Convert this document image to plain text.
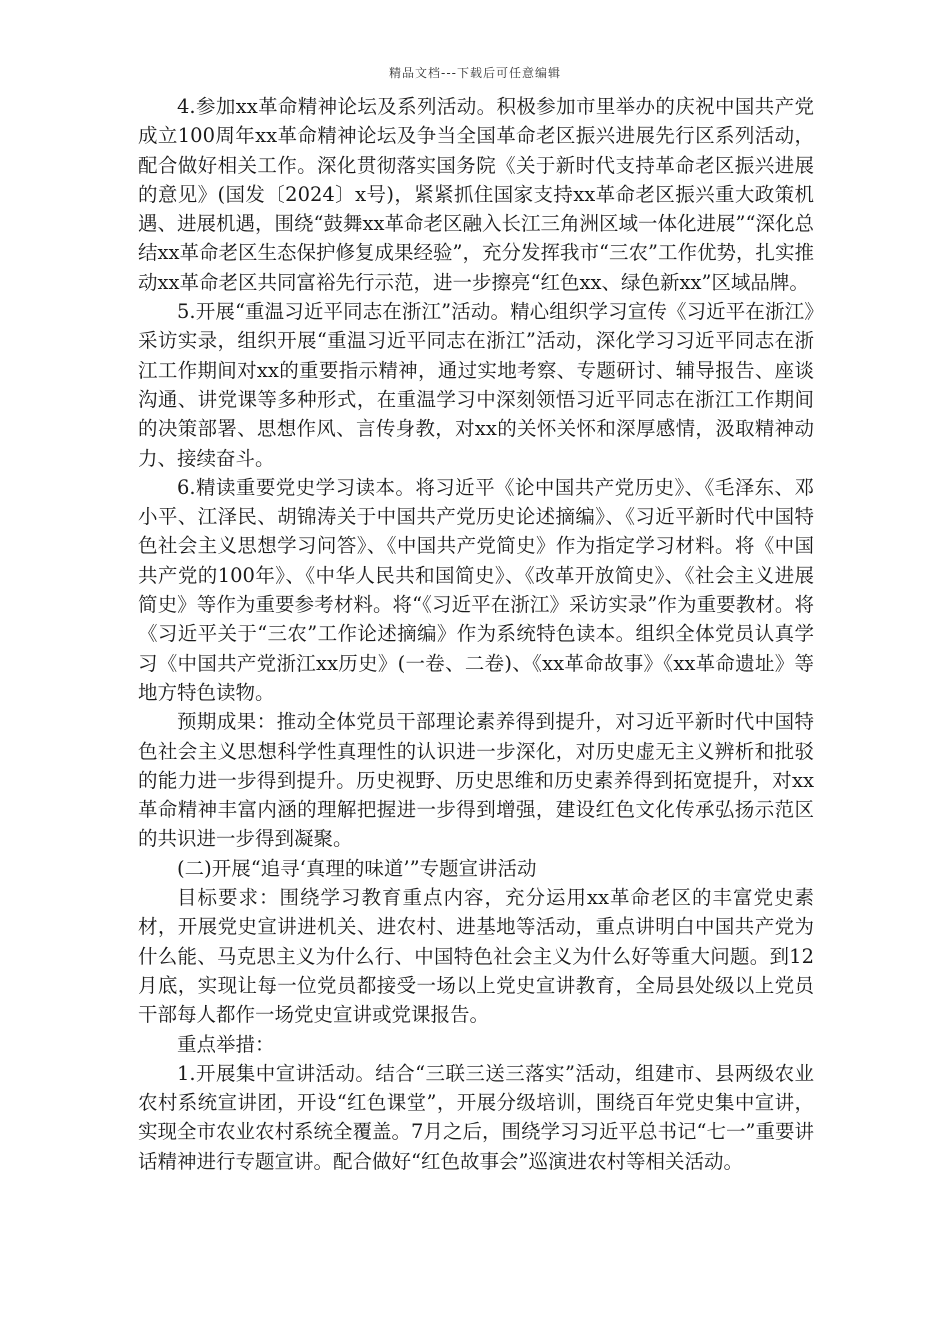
精品文档---下载后可任意编辑

4.参加xx革命精神论坛及系列活动。积极参加市里举办的庆祝中国共产党成立100周年xx革命精神论坛及争当全国革命老区振兴进展先行区系列活动，配合做好相关工作。深化贯彻落实国务院《关于新时代支持革命老区振兴进展的意见》(国发〔2024〕x号)，紧紧抓住国家支持xx革命老区振兴重大政策机遇、进展机遇，围绕“鼓舞xx革命老区融入长江三角洲区域一体化进展”“深化总结xx革命老区生态保护修复成果经验”，充分发挥我市“三农”工作优势，扎实推动xx革命老区共同富裕先行示范，进一步擦亮“红色xx、绿色新xx”区域品牌。

5.开展“重温习近平同志在浙江”活动。精心组织学习宣传《习近平在浙江》采访实录，组织开展“重温习近平同志在浙江”活动，深化学习习近平同志在浙江工作期间对xx的重要指示精神，通过实地考察、专题研讨、辅导报告、座谈沟通、讲党课等多种形式，在重温学习中深刻领悟习近平同志在浙江工作期间的决策部署、思想作风、言传身教，对xx的关怀关怀和深厚感情，汲取精神动力、接续奋斗。

6.精读重要党史学习读本。将习近平《论中国共产党历史》、《毛泽东、邓小平、江泽民、胡锦涛关于中国共产党历史论述摘编》、《习近平新时代中国特色社会主义思想学习问答》、《中国共产党简史》作为指定学习材料。将《中国共产党的100年》、《中华人民共和国简史》、《改革开放简史》、《社会主义进展简史》等作为重要参考材料。将“《习近平在浙江》采访实录”作为重要教材。将《习近平关于“三农”工作论述摘编》作为系统特色读本。组织全体党员认真学习《中国共产党浙江xx历史》(一卷、二卷)、《xx革命故事》《xx革命遗址》等地方特色读物。

预期成果：推动全体党员干部理论素养得到提升，对习近平新时代中国特色社会主义思想科学性真理性的认识进一步深化，对历史虚无主义辨析和批驳的能力进一步得到提升。历史视野、历史思维和历史素养得到拓宽提升，对xx革命精神丰富内涵的理解把握进一步得到增强，建设红色文化传承弘扬示范区的共识进一步得到凝聚。

(二)开展“追寻‘真理的味道’”专题宣讲活动

目标要求：围绕学习教育重点内容，充分运用xx革命老区的丰富党史素材，开展党史宣讲进机关、进农村、进基地等活动，重点讲明白中国共产党为什么能、马克思主义为什么行、中国特色社会主义为什么好等重大问题。到12月底，实现让每一位党员都接受一场以上党史宣讲教育，全局县处级以上党员干部每人都作一场党史宣讲或党课报告。

重点举措：

1.开展集中宣讲活动。结合“三联三送三落实”活动，组建市、县两级农业农村系统宣讲团，开设“红色课堂”，开展分级培训，围绕百年党史集中宣讲，实现全市农业农村系统全覆盖。7月之后，围绕学习习近平总书记“七一”重要讲话精神进行专题宣讲。配合做好“红色故事会”巡演进农村等相关活动。
